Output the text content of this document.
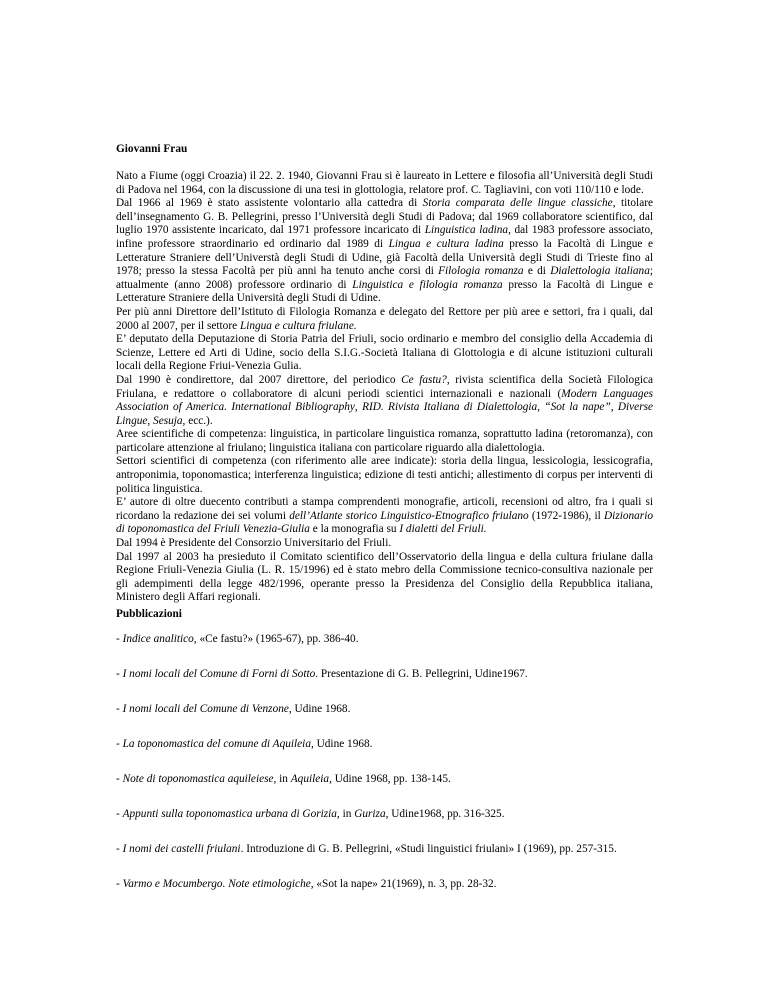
Giovanni Frau

Nato a Fiume (oggi Croazia) il 22. 2. 1940, Giovanni Frau si è laureato in Lettere e filosofia all’Università degli Studi di Padova nel 1964, con la discussione di una tesi in glottologia, relatore prof. C. Tagliavini, con voti 110/110 e lode.

Dal 1966 al 1969 è stato assistente volontario alla cattedra di Storia comparata delle lingue classiche, titolare dell’insegnamento G. B. Pellegrini, presso l’Università degli Studi di Padova; dal 1969 collaboratore scientifico, dal luglio 1970 assistente incaricato, dal 1971 professore incaricato di Linguistica ladina, dal 1983 professore associato, infine professore straordinario ed ordinario dal 1989 di Lingua e cultura ladina presso la Facoltà di Lingue e Letterature Straniere dell’Universtà degli Studi di Udine, già Facoltà della Università degli Studi di Trieste fino al 1978; presso la stessa Facoltà per più anni ha tenuto anche corsi di Filologia romanza e di Dialettologia italiana; attualmente (anno 2008) professore ordinario di Linguistica e filologia romanza presso la Facoltà di Lingue e Letterature Straniere della Università degli Studi di Udine.

Per più anni Direttore dell’Istituto di Filologia Romanza e delegato del Rettore per più aree e settori, fra i quali, dal 2000 al 2007, per il settore Lingua e cultura friulane.

E’ deputato della Deputazione di Storia Patria del Friuli, socio ordinario e membro del consiglio della Accademia di Scienze, Lettere ed Arti di Udine, socio della S.I.G.-Società Italiana di Glottologia e di alcune istituzioni culturali locali della Regione Friui-Venezia Gulia.

Dal 1990 è condirettore, dal 2007 direttore, del periodico Ce fastu?, rivista scientifica della Società Filologica Friulana, e redattore o collaboratore di alcuni periodi scientici internazionali e nazionali (Modern Languages Association of America. International Bibliography, RID. Rivista Italiana di Dialettologia, “Sot la nape”, Diverse Lingue, Sesuja, ecc.).

Aree scientifiche di competenza: linguistica, in particolare linguistica romanza, soprattutto ladina (retoromanza), con particolare attenzione al friulano; linguistica italiana con particolare riguardo alla dialettologia.

Settori scientifici di competenza (con riferimento alle aree indicate): storia della lingua, lessicologia, lessicografia, antroponimia, toponomastica; interferenza linguistica; edizione di testi antichi; allestimento di corpus per interventi di politica linguistica.

E’ autore di oltre duecento contributi a stampa comprendenti monografie, articoli, recensioni od altro, fra i quali si ricordano la redazione dei sei volumi dell’Atlante storico Linguistico-Etnografico friulano (1972-1986), il Dizionario di toponomastica del Friuli Venezia-Giulia e la monografia su I dialetti del Friuli.

Dal 1994 è Presidente del Consorzio Universitario del Friuli.

Dal 1997 al 2003 ha presieduto il Comitato scientifico dell’Osservatorio della lingua e della cultura friulane dalla Regione Friuli-Venezia Giulia (L. R. 15/1996) ed è stato mebro della Commissione tecnico-consultiva nazionale per gli adempimenti della legge 482/1996, operante presso la Presidenza del Consiglio della Repubblica italiana, Ministero degli Affari regionali.

Pubblicazioni
- Indice analitico, «Ce fastu?» (1965-67), pp. 386-40.
- I nomi locali del Comune di Forni di Sotto. Presentazione di G. B. Pellegrini, Udine1967.
- I nomi locali del Comune di Venzone, Udine 1968.
- La toponomastica del comune di Aquileia, Udine 1968.
- Note di toponomastica aquileiese, in Aquileia, Udine 1968, pp. 138-145.
- Appunti sulla toponomastica urbana di Gorizia, in Guriza, Udine1968, pp. 316-325.
- I nomi dei castelli friulani. Introduzione di G. B. Pellegrini, «Studi linguistici friulani» I (1969), pp. 257-315.
- Varmo e Mocumbergo. Note etimologiche, «Sot la nape» 21(1969), n. 3, pp. 28-32.
